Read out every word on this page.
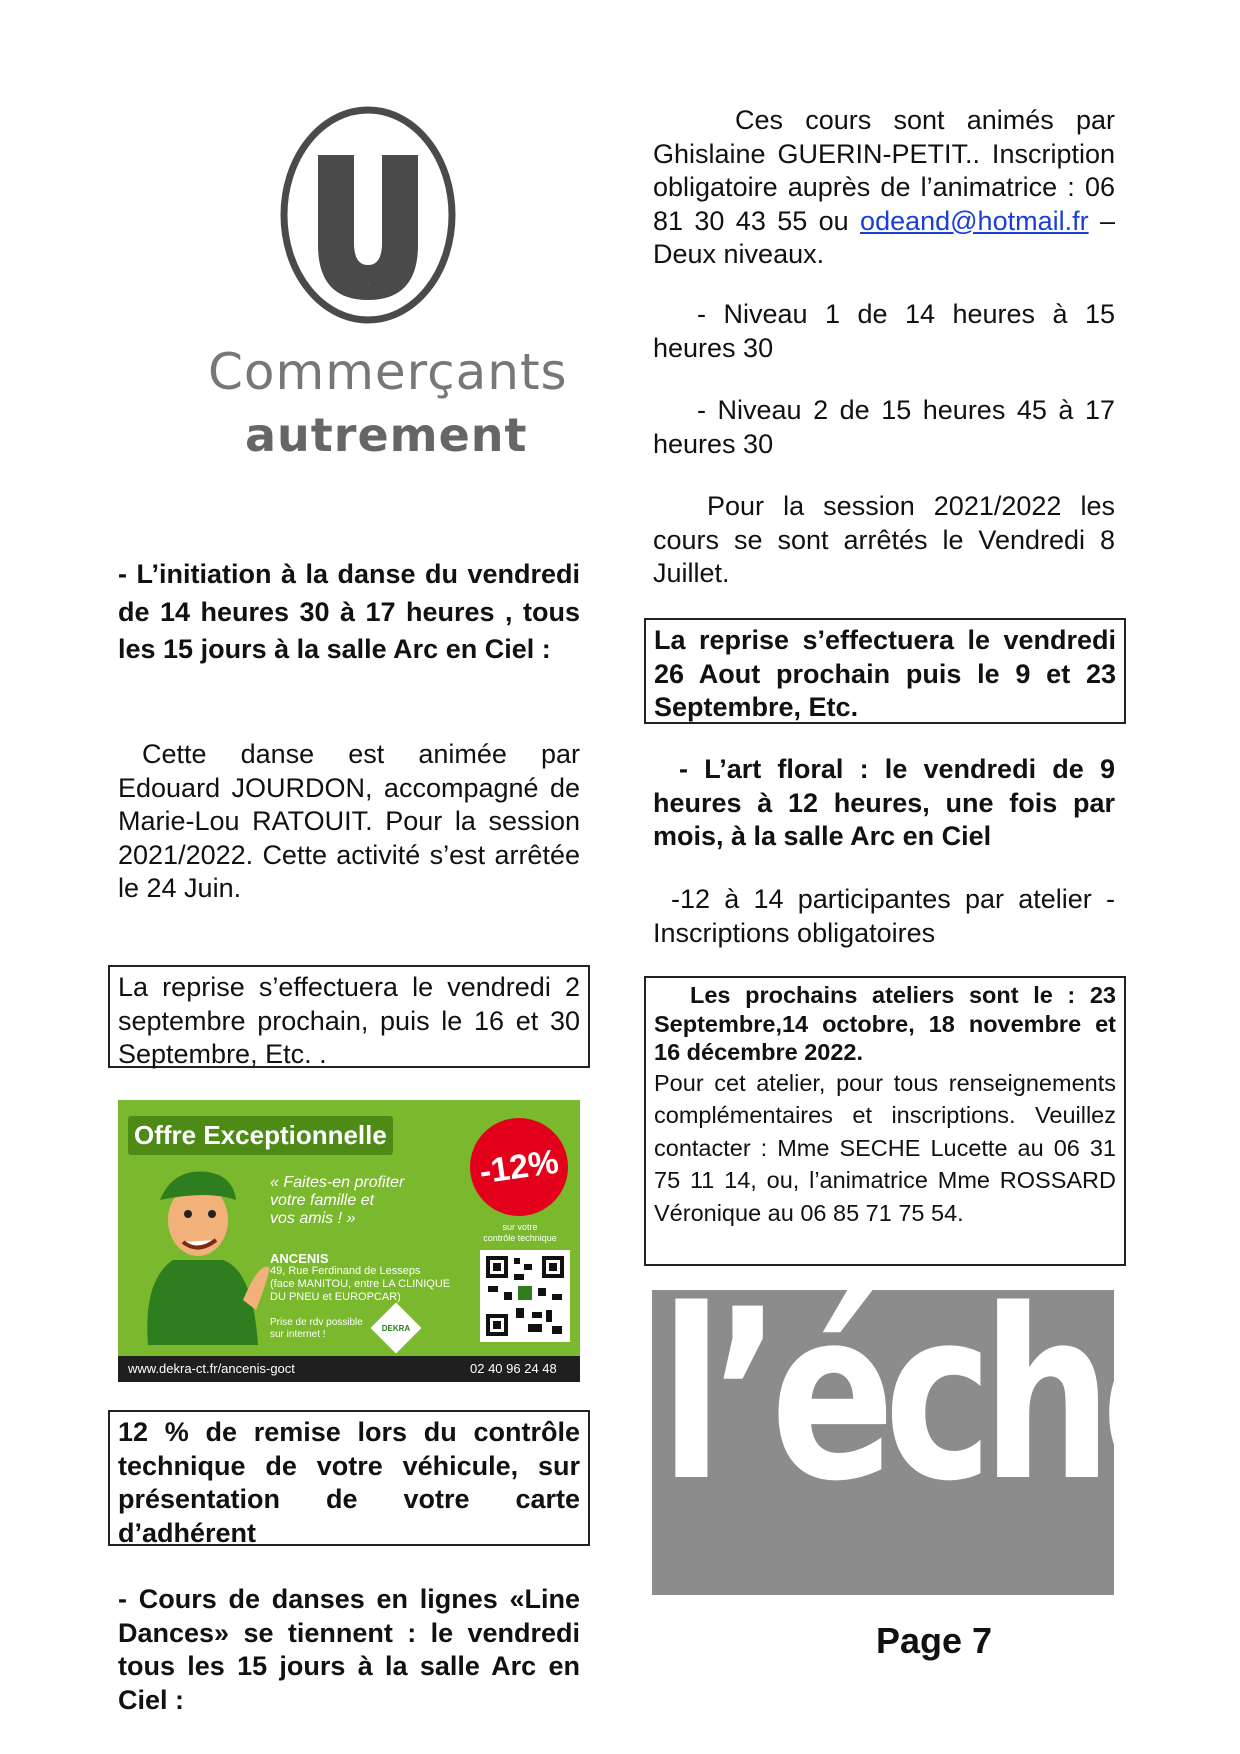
U
Commerçants
autrement

- L’initiation à la danse du vendredi de 14 heures 30 à 17 heures , tous les 15 jours à la salle Arc en Ciel :

Cette danse est animée par Edouard JOURDON, accompagné de Marie-Lou RATOUIT. Pour la session 2021/2022. Cette activité s’est arrêtée le 24 Juin.

La reprise s’effectuera le vendredi 2 septembre prochain, puis le 16 et 30 Septembre, Etc. .

Offre Exceptionnelle
« Faites-en profiter
votre famille et
vos amis ! »
-12%
sur votre
contrôle technique
ANCENIS
49, Rue Ferdinand de Lesseps
(face MANITOU, entre LA CLINIQUE
DU PNEU et EUROPCAR)
Prise de rdv possible
sur internet !
DEKRA
www.dekra-ct.fr/ancenis-goct	02 40 96 24 48

12 % de remise lors du contrôle technique de votre véhicule, sur présentation de votre carte d’adhérent

- Cours de danses en lignes «Line Dances» se tiennent : le vendredi tous les 15 jours à la salle Arc en Ciel :

Ces cours sont animés par Ghislaine GUERIN-PETIT.. Inscription obligatoire auprès de l’animatrice : 06 81 30 43 55 ou odeand@hotmail.fr – Deux niveaux.

- Niveau 1 de 14 heures à 15 heures 30

- Niveau 2 de 15 heures 45 à 17 heures 30

Pour la session 2021/2022 les cours se sont arrêtés le Vendredi 8 Juillet.

La reprise s’effectuera le vendredi 26 Aout prochain puis le 9 et 23 Septembre, Etc.

- L’art floral : le vendredi de 9 heures à 12 heures, une fois par mois, à la salle Arc en Ciel

-12 à 14 participantes par atelier - Inscriptions obligatoires

Les prochains ateliers sont le : 23 Septembre,14 octobre, 18 novembre et 16 décembre 2022.

Pour cet atelier, pour tous renseignements complémentaires et inscriptions. Veuillez contacter : Mme SECHE Lucette au 06 31 75 11 14, ou, l’animatrice Mme ROSSARD Véronique au 06 85 71 75 54.

l’écho
Page 7
